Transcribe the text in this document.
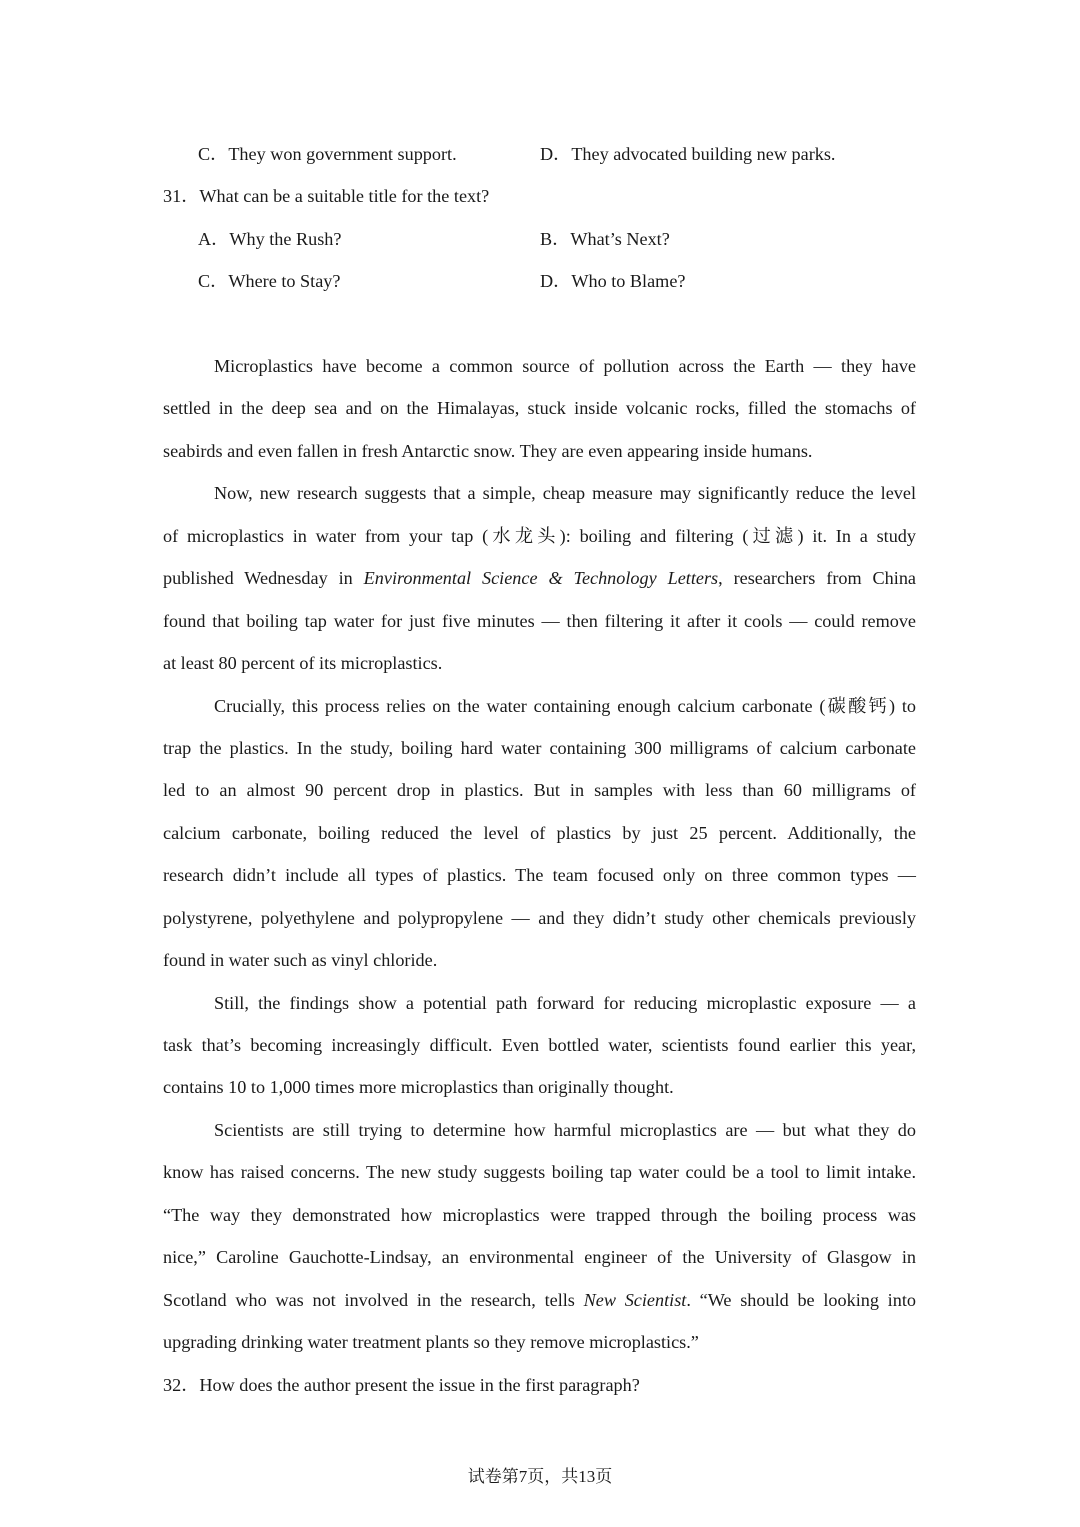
C．They won government support.	D．They advocated building new parks.
31．What can be a suitable title for the text?
A．Why the Rush?	B．What’s Next?
C．Where to Stay?	D．Who to Blame?
Microplastics have become a common source of pollution across the Earth — they have
settled in the deep sea and on the Himalayas, stuck inside volcanic rocks, filled the stomachs of
seabirds and even fallen in fresh Antarctic snow. They are even appearing inside humans.
Now, new research suggests that a simple, cheap measure may significantly reduce the level
of microplastics in water from your tap (水龙头): boiling and filtering (过滤) it. In a study
published Wednesday in Environmental Science & Technology Letters, researchers from China
found that boiling tap water for just five minutes — then filtering it after it cools — could remove
at least 80 percent of its microplastics.
Crucially, this process relies on the water containing enough calcium carbonate (碳酸钙) to
trap the plastics. In the study, boiling hard water containing 300 milligrams of calcium carbonate
led to an almost 90 percent drop in plastics. But in samples with less than 60 milligrams of
calcium carbonate, boiling reduced the level of plastics by just 25 percent. Additionally, the
research didn’t include all types of plastics. The team focused only on three common types —
polystyrene, polyethylene and polypropylene — and they didn’t study other chemicals previously
found in water such as vinyl chloride.
Still, the findings show a potential path forward for reducing microplastic exposure — a
task that’s becoming increasingly difficult. Even bottled water, scientists found earlier this year,
contains 10 to 1,000 times more microplastics than originally thought.
Scientists are still trying to determine how harmful microplastics are — but what they do
know has raised concerns. The new study suggests boiling tap water could be a tool to limit intake.
“The way they demonstrated how microplastics were trapped through the boiling process was
nice,” Caroline Gauchotte-Lindsay, an environmental engineer of the University of Glasgow in
Scotland who was not involved in the research, tells New Scientist. “We should be looking into
upgrading drinking water treatment plants so they remove microplastics.”
32．How does the author present the issue in the first paragraph?
试卷第7页，共13页
